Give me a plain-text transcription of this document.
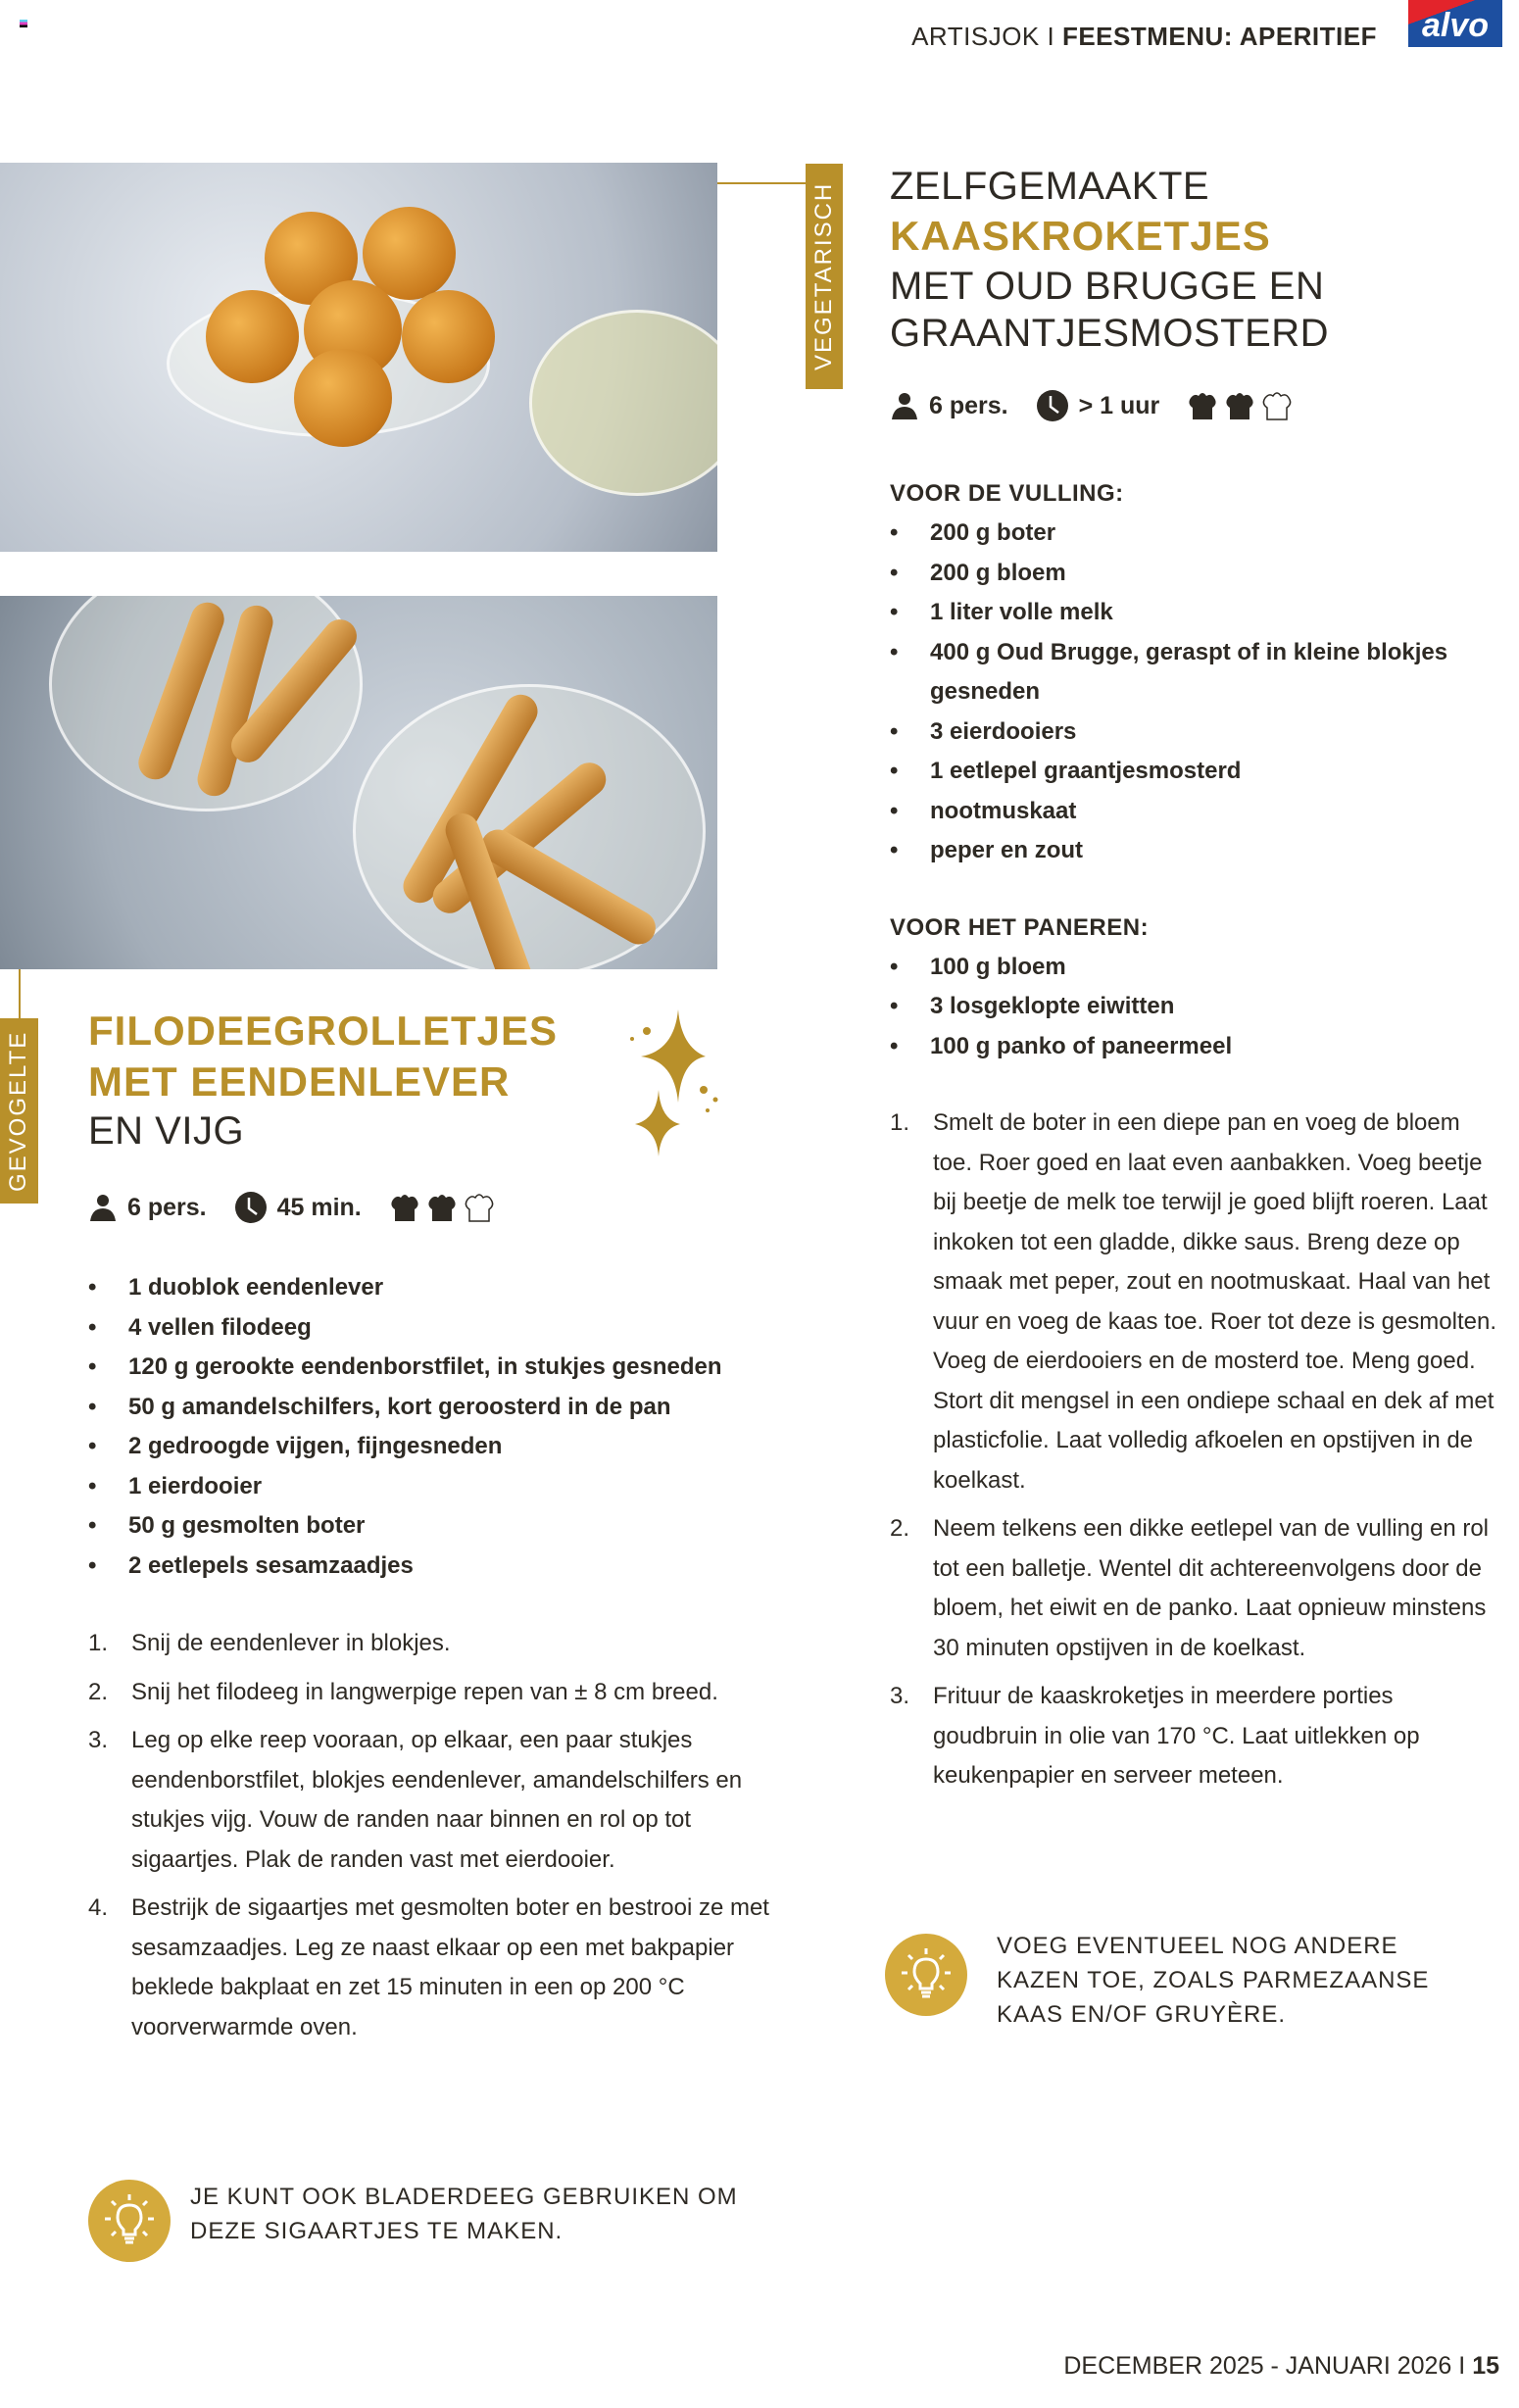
ARTISJOK I FEESTMENU: APERITIEF	alvo
VEGETARISCH
GEVOGELTE
ZELFGEMAAKTE
KAASKROKETJES
MET OUD BRUGGE EN
GRAANTJESMOSTERD
6 pers.	> 1 uur
VOOR DE VULLING:
• 200 g boter
• 200 g bloem
• 1 liter volle melk
• 400 g Oud Brugge, geraspt of in kleine blokjes gesneden
• 3 eierdooiers
• 1 eetlepel graantjesmosterd
• nootmuskaat
• peper en zout
VOOR HET PANEREN:
• 100 g bloem
• 3 losgeklopte eiwitten
• 100 g panko of paneermeel
1. Smelt de boter in een diepe pan en voeg de bloem toe. Roer goed en laat even aanbakken. Voeg beetje bij beetje de melk toe terwijl je goed blijft roeren. Laat inkoken tot een gladde, dikke saus. Breng deze op smaak met peper, zout en nootmuskaat. Haal van het vuur en voeg de kaas toe. Roer tot deze is gesmolten. Voeg de eierdooiers en de mosterd toe. Meng goed. Stort dit mengsel in een ondiepe schaal en dek af met plasticfolie. Laat volledig afkoelen en opstijven in de koelkast.
2. Neem telkens een dikke eetlepel van de vulling en rol tot een balletje. Wentel dit achtereenvolgens door de bloem, het eiwit en de panko. Laat opnieuw minstens 30 minuten opstijven in de koelkast.
3. Frituur de kaaskroketjes in meerdere porties goudbruin in olie van 170 °C. Laat uitlekken op keukenpapier en serveer meteen.
VOEG EVENTUEEL NOG ANDERE KAZEN TOE, ZOALS PARMEZAANSE KAAS EN/OF GRUYÈRE.
FILODEEGROLLETJES
MET EENDENLEVER
EN VIJG
6 pers.	45 min.
• 1 duoblok eendenlever
• 4 vellen filodeeg
• 120 g gerookte eendenborstfilet, in stukjes gesneden
• 50 g amandelschilfers, kort geroosterd in de pan
• 2 gedroogde vijgen, fijngesneden
• 1 eierdooier
• 50 g gesmolten boter
• 2 eetlepels sesamzaadjes
1. Snij de eendenlever in blokjes.
2. Snij het filodeeg in langwerpige repen van ± 8 cm breed.
3. Leg op elke reep vooraan, op elkaar, een paar stukjes eendenborstfilet, blokjes eendenlever, amandelschilfers en stukjes vijg. Vouw de randen naar binnen en rol op tot sigaartjes. Plak de randen vast met eierdooier.
4. Bestrijk de sigaartjes met gesmolten boter en bestrooi ze met sesamzaadjes. Leg ze naast elkaar op een met bakpapier beklede bakplaat en zet 15 minuten in een op 200 °C voorverwarmde oven.
JE KUNT OOK BLADERDEEG GEBRUIKEN OM DEZE SIGAARTJES TE MAKEN.
DECEMBER 2025 - JANUARI 2026 I 15
